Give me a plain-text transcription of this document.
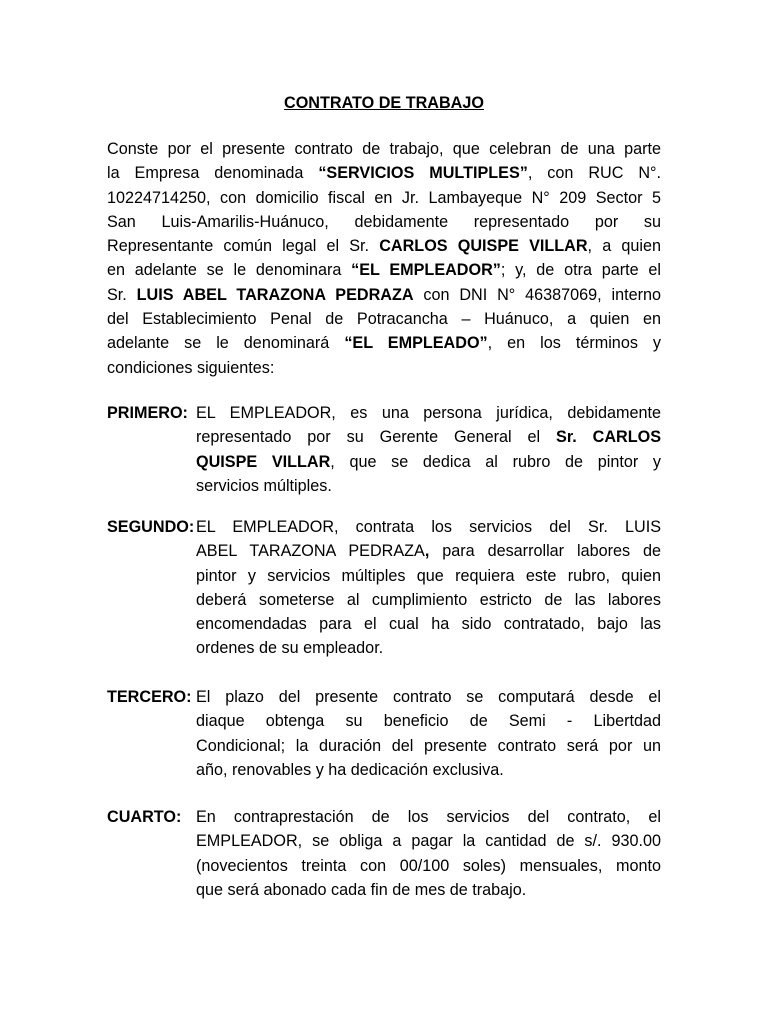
CONTRATO DE TRABAJO
Conste por el presente contrato de trabajo, que celebran de una parte
la Empresa denominada “SERVICIOS MULTIPLES”, con RUC N°.
10224714250, con domicilio fiscal en Jr. Lambayeque N° 209 Sector 5
San Luis-Amarilis-Huánuco, debidamente representado por su
Representante común legal el Sr. CARLOS QUISPE VILLAR, a quien
en adelante se le denominara “EL EMPLEADOR”; y, de otra parte el
Sr. LUIS ABEL TARAZONA PEDRAZA con DNI N° 46387069, interno
del Establecimiento Penal de Potracancha – Huánuco, a quien en
adelante se le denominará “EL EMPLEADO”, en los términos y
condiciones siguientes:
PRIMERO: EL EMPLEADOR, es una persona jurídica, debidamente
representado por su Gerente General el Sr. CARLOS
QUISPE VILLAR, que se dedica al rubro de pintor y
servicios múltiples.
SEGUNDO: EL EMPLEADOR, contrata los servicios del Sr. LUIS
ABEL TARAZONA PEDRAZA, para desarrollar labores de
pintor y servicios múltiples que requiera este rubro, quien
deberá someterse al cumplimiento estricto de las labores
encomendadas para el cual ha sido contratado, bajo las
ordenes de su empleador.
TERCERO: El plazo del presente contrato se computará desde el
diaque obtenga su beneficio de Semi - Libertdad
Condicional; la duración del presente contrato será por un
año, renovables y ha dedicación exclusiva.
CUARTO: En contraprestación de los servicios del contrato, el
EMPLEADOR, se obliga a pagar la cantidad de s/. 930.00
(novecientos treinta con 00/100 soles) mensuales, monto
que será abonado cada fin de mes de trabajo.
